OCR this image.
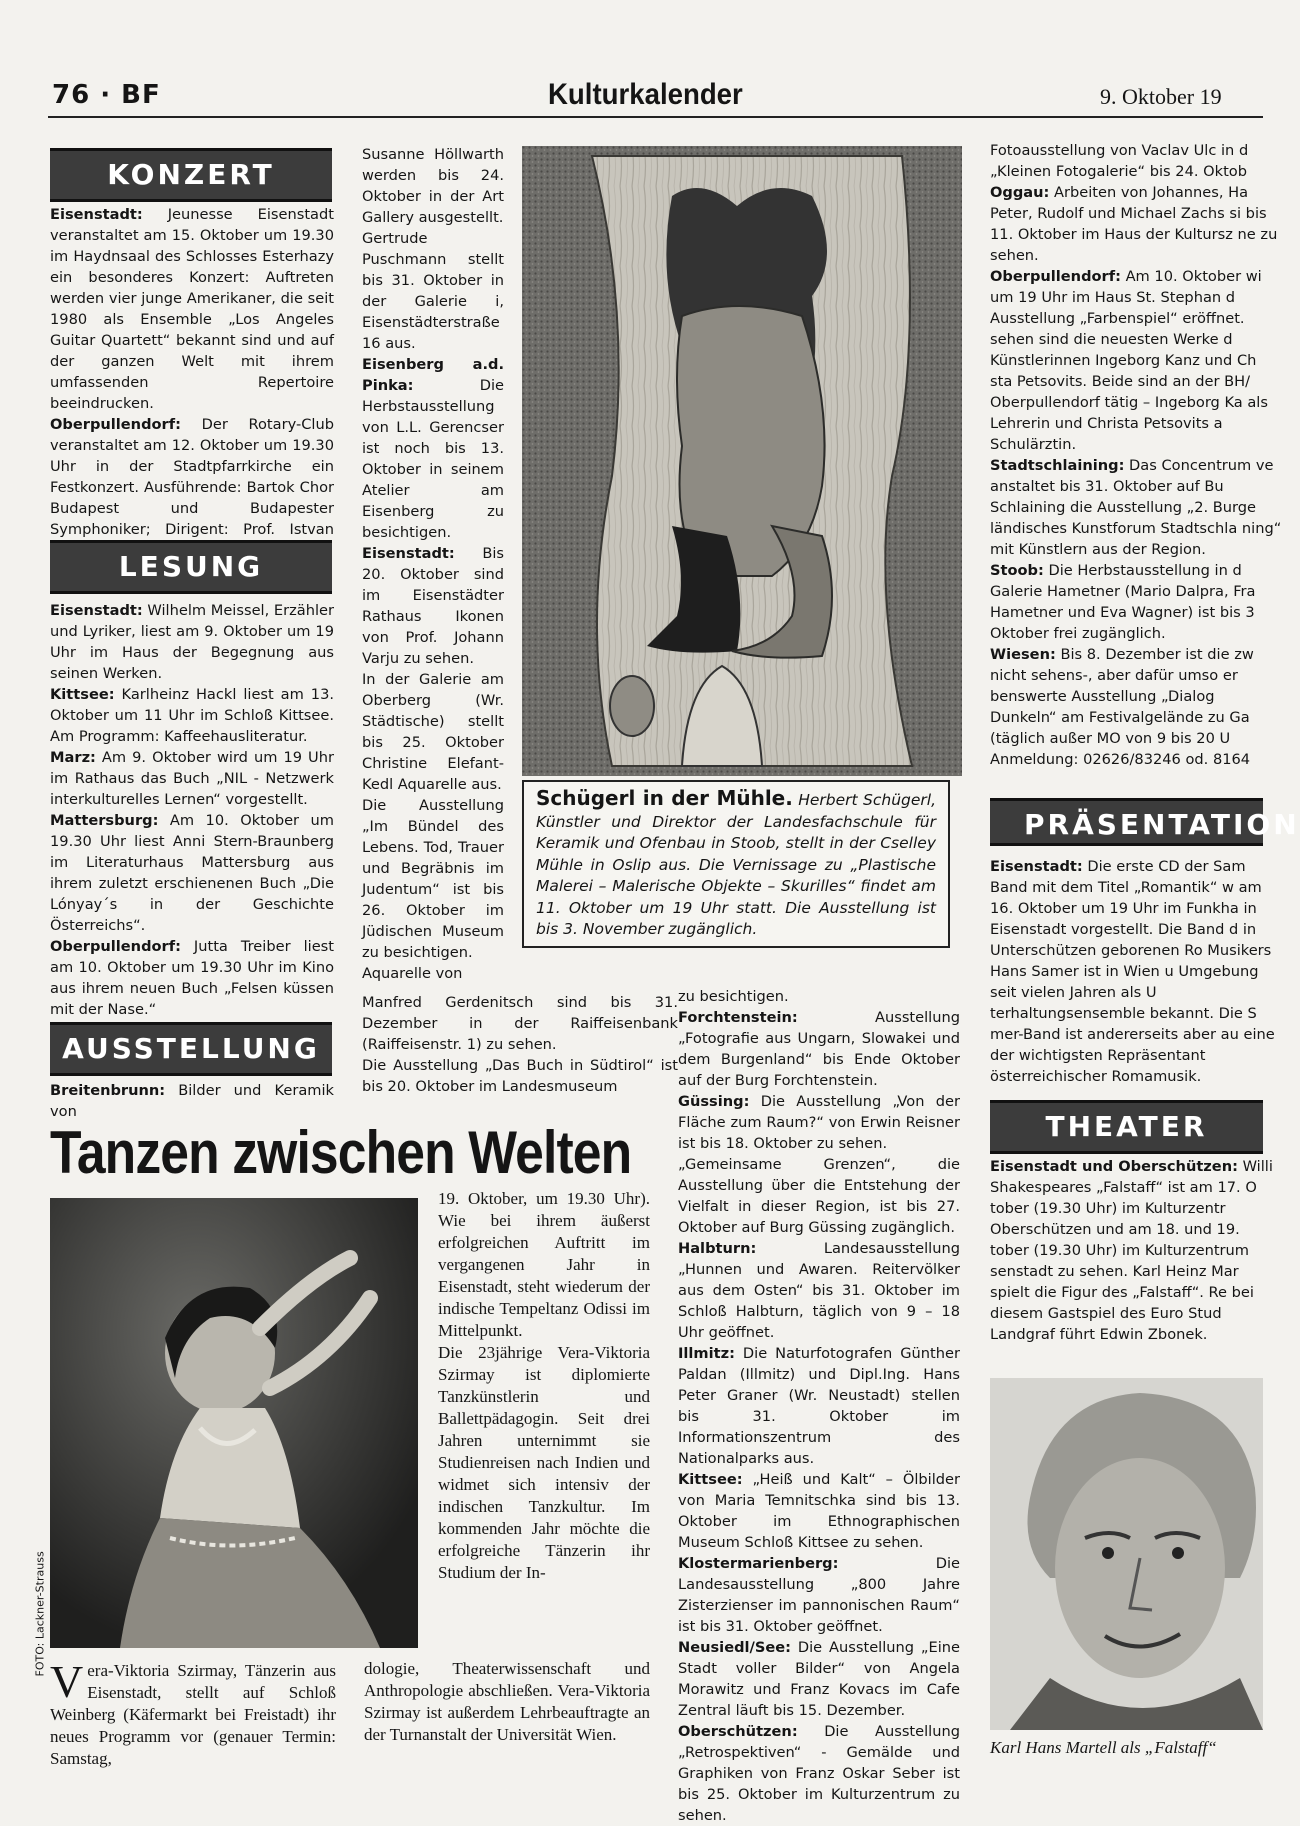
76 · BF	Kulturkalender	9. Oktober 19
KONZERT

Eisenstadt: Jeunesse Eisenstadt veranstaltet am 15. Oktober um 19.30 im Haydnsaal des Schlosses Esterhazy ein besonderes Konzert: Auftreten werden vier junge Amerikaner, die seit 1980 als Ensemble „Los Angeles Guitar Quartett“ bekannt sind und auf der ganzen Welt mit ihrem umfassenden Repertoire beeindrucken.

Oberpullendorf: Der Rotary-Club veranstaltet am 12. Oktober um 19.30 Uhr in der Stadtpfarrkirche ein Festkonzert. Ausführende: Bartok Chor Budapest und Budapester Symphoniker; Dirigent: Prof. Istvan

LESUNG

Eisenstadt: Wilhelm Meissel, Erzähler und Lyriker, liest am 9. Oktober um 19 Uhr im Haus der Begegnung aus seinen Werken.

Kittsee: Karlheinz Hackl liest am 13. Oktober um 11 Uhr im Schloß Kittsee. Am Programm: Kaffeehausliteratur.

Marz: Am 9. Oktober wird um 19 Uhr im Rathaus das Buch „NIL - Netzwerk interkulturelles Lernen“ vorgestellt.

Mattersburg: Am 10. Oktober um 19.30 Uhr liest Anni Stern-Braunberg im Literaturhaus Mattersburg aus ihrem zuletzt erschienenen Buch „Die Lónyay´s in der Geschichte Österreichs“.

Oberpullendorf: Jutta Treiber liest am 10. Oktober um 19.30 Uhr im Kino aus ihrem neuen Buch „Felsen küssen mit der Nase.“

AUSSTELLUNG

Breitenbrunn: Bilder und Keramik von

Susanne Höllwarth werden bis 24. Oktober in der Art Gallery ausgestellt.

Gertrude Puschmann stellt bis 31. Oktober in der Galerie i, Eisenstädterstraße 16 aus.

Eisenberg a.d. Pinka: Die Herbstausstellung von L.L. Gerencser ist noch bis 13. Oktober in seinem Atelier am Eisenberg zu besichtigen.

Eisenstadt: Bis 20. Oktober sind im Eisenstädter Rathaus Ikonen von Prof. Johann Varju zu sehen.

In der Galerie am Oberberg (Wr. Städtische) stellt bis 25. Oktober Christine Elefant-Kedl Aquarelle aus.

Die Ausstellung „Im Bündel des Lebens. Tod, Trauer und Begräbnis im Judentum“ ist bis 26. Oktober im Jüdischen Museum zu besichtigen.

Aquarelle von

Manfred Gerdenitsch sind bis 31. Dezember in der Raiffeisenbank (Raiffeisenstr. 1) zu sehen.

Die Ausstellung „Das Buch in Südtirol“ ist bis 20. Oktober im Landesmuseum

Schügerl in der Mühle. Herbert Schügerl, Künstler und Direktor der Landesfachschule für Keramik und Ofenbau in Stoob, stellt in der Cselley Mühle in Oslip aus. Die Vernissage zu „Plastische Malerei – Malerische Objekte – Skurilles“ findet am 11. Oktober um 19 Uhr statt. Die Ausstellung ist bis 3. November zugänglich.

zu besichtigen.

Forchtenstein: Ausstellung „Fotografie aus Ungarn, Slowakei und dem Burgenland“ bis Ende Oktober auf der Burg Forchtenstein.

Güssing: Die Ausstellung „Von der Fläche zum Raum?“ von Erwin Reisner ist bis 18. Oktober zu sehen.

„Gemeinsame Grenzen“, die Ausstellung über die Entstehung der Vielfalt in dieser Region, ist bis 27. Oktober auf Burg Güssing zugänglich.

Halbturn: Landesausstellung „Hunnen und Awaren. Reitervölker aus dem Osten“ bis 31. Oktober im Schloß Halbturn, täglich von 9 – 18 Uhr geöffnet.

Illmitz: Die Naturfotografen Günther Paldan (Illmitz) und Dipl.Ing. Hans Peter Graner (Wr. Neustadt) stellen bis 31. Oktober im Informationszentrum des Nationalparks aus.

Kittsee: „Heiß und Kalt“ – Ölbilder von Maria Temnitschka sind bis 13. Oktober im Ethnographischen Museum Schloß Kittsee zu sehen.

Klostermarienberg: Die Landesausstellung „800 Jahre Zisterzienser im pannonischen Raum“ ist bis 31. Oktober geöffnet.

Neusiedl/See: Die Ausstellung „Eine Stadt voller Bilder“ von Angela Morawitz und Franz Kovacs im Cafe Zentral läuft bis 15. Dezember.

Oberschützen: Die Ausstellung „Retrospektiven“ - Gemälde und Graphiken von Franz Oskar Seber ist bis 25. Oktober im Kulturzentrum zu sehen.

Fotoausstellung von Vaclav Ulc in d „Kleinen Fotogalerie“ bis 24. Oktob

Oggau: Arbeiten von Johannes, Ha Peter, Rudolf und Michael Zachs si bis 11. Oktober im Haus der Kultursz ne zu sehen.

Oberpullendorf: Am 10. Oktober wi um 19 Uhr im Haus St. Stephan d Ausstellung „Farbenspiel“ eröffnet. sehen sind die neuesten Werke d Künstlerinnen Ingeborg Kanz und Ch sta Petsovits. Beide sind an der BH/ Oberpullendorf tätig – Ingeborg Ka als Lehrerin und Christa Petsovits a Schulärztin.

Stadtschlaining: Das Concentrum ve anstaltet bis 31. Oktober auf Bu Schlaining die Ausstellung „2. Burge ländisches Kunstforum Stadtschla ning“ mit Künstlern aus der Region.

Stoob: Die Herbstausstellung in d Galerie Hametner (Mario Dalpra, Fra Hametner und Eva Wagner) ist bis 3 Oktober frei zugänglich.

Wiesen: Bis 8. Dezember ist die zw nicht sehens-, aber dafür umso er benswerte Ausstellung „Dialog Dunkeln“ am Festivalgelände zu Ga (täglich außer MO von 9 bis 20 U Anmeldung: 02626/83246 od. 8164

PRÄSENTATION

Eisenstadt: Die erste CD der Sam Band mit dem Titel „Romantik“ w am 16. Oktober um 19 Uhr im Funkha in Eisenstadt vorgestellt. Die Band d in Unterschützen geborenen Ro Musikers Hans Samer ist in Wien u Umgebung seit vielen Jahren als U terhaltungsensemble bekannt. Die S mer-Band ist andererseits aber au eine der wichtigsten Repräsentant österreichischer Romamusik.

THEATER

Eisenstadt und Oberschützen: Willi Shakespeares „Falstaff“ ist am 17. O tober (19.30 Uhr) im Kulturzentr Oberschützen und am 18. und 19. tober (19.30 Uhr) im Kulturzentrum senstadt zu sehen. Karl Heinz Mar spielt die Figur des „Falstaff“. Re bei diesem Gastspiel des Euro Stud Landgraf führt Edwin Zbonek.

Karl Hans Martell als „Falstaff“
Tanzen zwischen Welten
FOTO: Lackner-Strauss

19. Oktober, um 19.30 Uhr). Wie bei ihrem äußerst erfolgreichen Auftritt im vergangenen Jahr in Eisenstadt, steht wiederum der indische Tempeltanz Odissi im Mittelpunkt.

Die 23jährige Vera-Viktoria Szirmay ist diplomierte Tanzkünstlerin und Ballettpädagogin. Seit drei Jahren unternimmt sie Studienreisen nach Indien und widmet sich intensiv der indischen Tanzkultur. Im kommenden Jahr möchte die erfolgreiche Tänzerin ihr Studium der In-

Vera-Viktoria Szirmay, Tänzerin aus Eisenstadt, stellt auf Schloß Weinberg (Käfermarkt bei Freistadt) ihr neues Programm vor (genauer Termin: Samstag,

dologie, Theaterwissenschaft und Anthropologie abschließen. Vera-Viktoria Szirmay ist außerdem Lehrbeauftragte an der Turnanstalt der Universität Wien.
